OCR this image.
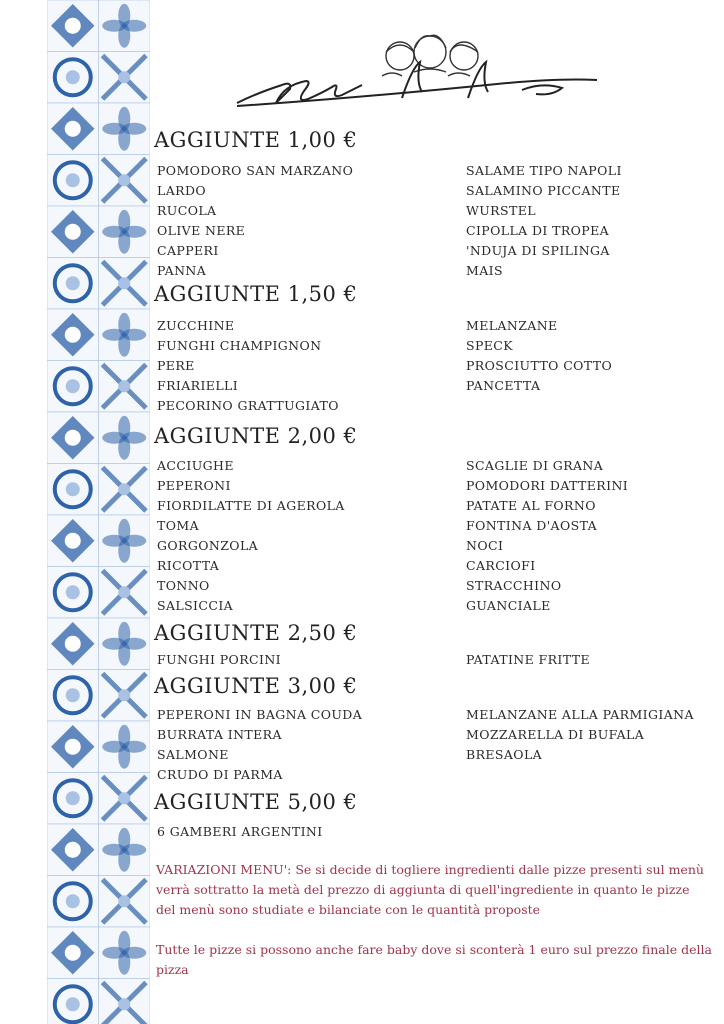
AGGIUNTE 1,00 €
POMODORO SAN MARZANO
LARDO
RUCOLA
OLIVE NERE
CAPPERI
PANNA
SALAME TIPO NAPOLI
SALAMINO PICCANTE
WURSTEL
CIPOLLA DI TROPEA
'NDUJA DI SPILINGA
MAIS
AGGIUNTE 1,50 €
ZUCCHINE
FUNGHI CHAMPIGNON
PERE
FRIARIELLI
PECORINO GRATTUGIATO
MELANZANE
SPECK
PROSCIUTTO COTTO
PANCETTA
AGGIUNTE 2,00 €
ACCIUGHE
PEPERONI
FIORDILATTE DI AGEROLA
TOMA
GORGONZOLA
RICOTTA
TONNO
SALSICCIA
SCAGLIE DI GRANA
POMODORI DATTERINI
PATATE AL FORNO
FONTINA D'AOSTA
NOCI
CARCIOFI
STRACCHINO
GUANCIALE
AGGIUNTE 2,50 €
FUNGHI PORCINI	PATATINE FRITTE
AGGIUNTE 3,00 €
PEPERONI IN BAGNA COUDA
BURRATA INTERA
SALMONE
CRUDO DI PARMA
MELANZANE ALLA PARMIGIANA
MOZZARELLA DI BUFALA
BRESAOLA
AGGIUNTE 5,00 €
6 GAMBERI ARGENTINI
VARIAZIONI MENU': Se si decide di togliere ingredienti dalle pizze presenti sul menù verrà sottratto la metà del prezzo di aggiunta di quell'ingrediente in quanto le pizze del menù sono studiate e bilanciate con le quantità proposte
Tutte le pizze si possono anche fare baby dove si sconterà 1 euro sul prezzo finale della pizza
